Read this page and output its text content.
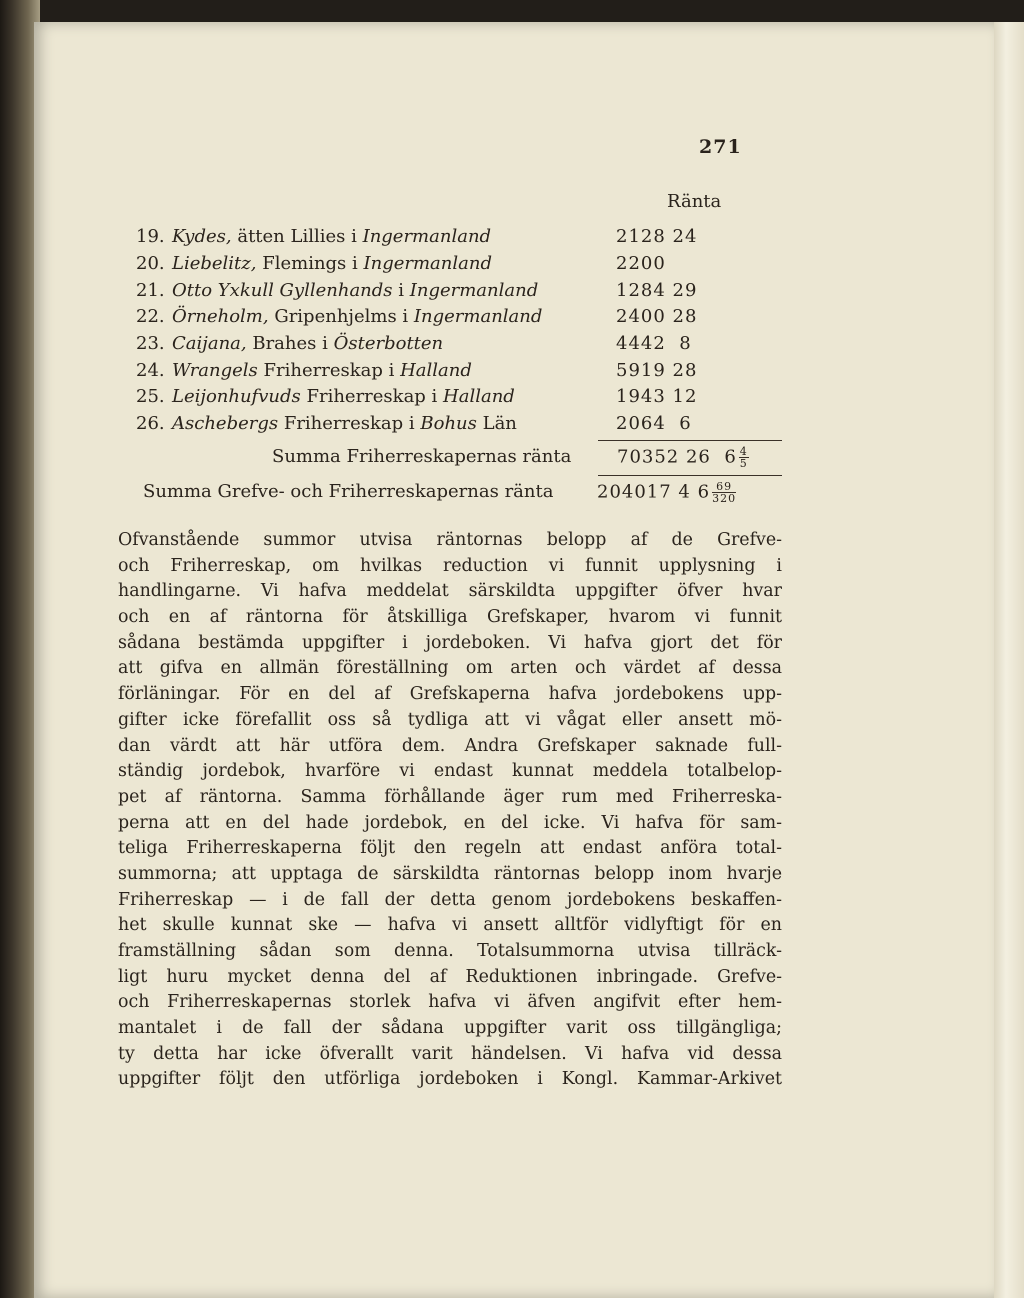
271
Ränta
19. Kydes, ätten Lillies i Ingermanland	2128 24
20. Liebelitz, Flemings i Ingermanland	2200
21. Otto Yxkull Gyllenhands i Ingermanland	1284 29
22. Örneholm, Gripenhjelms i Ingermanland	2400 28
23. Caijana, Brahes i Österbotten	4442  8
24. Wrangels Friherreskap i Halland	5919 28
25. Leijonhufvuds Friherreskap i Halland	1943 12
26. Aschebergs Friherreskap i Bohus Län	2064  6
Summa Friherreskapernas ränta	70352 26 $6 \frac{4}{5}$
Summa Grefve- och Friherreskapernas ränta 204017 4 $6 \frac{69}{320}$
Ofvanstående summor utvisa räntornas belopp af de Grefve-
och Friherreskap, om hvilkas reduction vi funnit upplysning i
handlingarne. Vi hafva meddelat särskildta uppgifter öfver hvar
och en af räntorna för åtskilliga Grefskaper, hvarom vi funnit
sådana bestämda uppgifter i jordeboken. Vi hafva gjort det för
att gifva en allmän föreställning om arten och värdet af dessa
förläningar. För en del af Grefskaperna hafva jordebokens upp-
gifter icke förefallit oss så tydliga att vi vågat eller ansett mö-
dan värdt att här utföra dem. Andra Grefskaper saknade full-
ständig jordebok, hvarföre vi endast kunnat meddela totalbelop-
pet af räntorna. Samma förhållande äger rum med Friherreska-
perna att en del hade jordebok, en del icke. Vi hafva för sam-
teliga Friherreskaperna följt den regeln att endast anföra total-
summorna; att upptaga de särskildta räntornas belopp inom hvarje
Friherreskap — i de fall der detta genom jordebokens beskaffen-
het skulle kunnat ske — hafva vi ansett alltför vidlyftigt för en
framställning sådan som denna. Totalsummorna utvisa tillräck-
ligt huru mycket denna del af Reduktionen inbringade. Grefve-
och Friherreskapernas storlek hafva vi äfven angifvit efter hem-
mantalet i de fall der sådana uppgifter varit oss tillgängliga;
ty detta har icke öfverallt varit händelsen. Vi hafva vid dessa
uppgifter följt den utförliga jordeboken i Kongl. Kammar-Arkivet
